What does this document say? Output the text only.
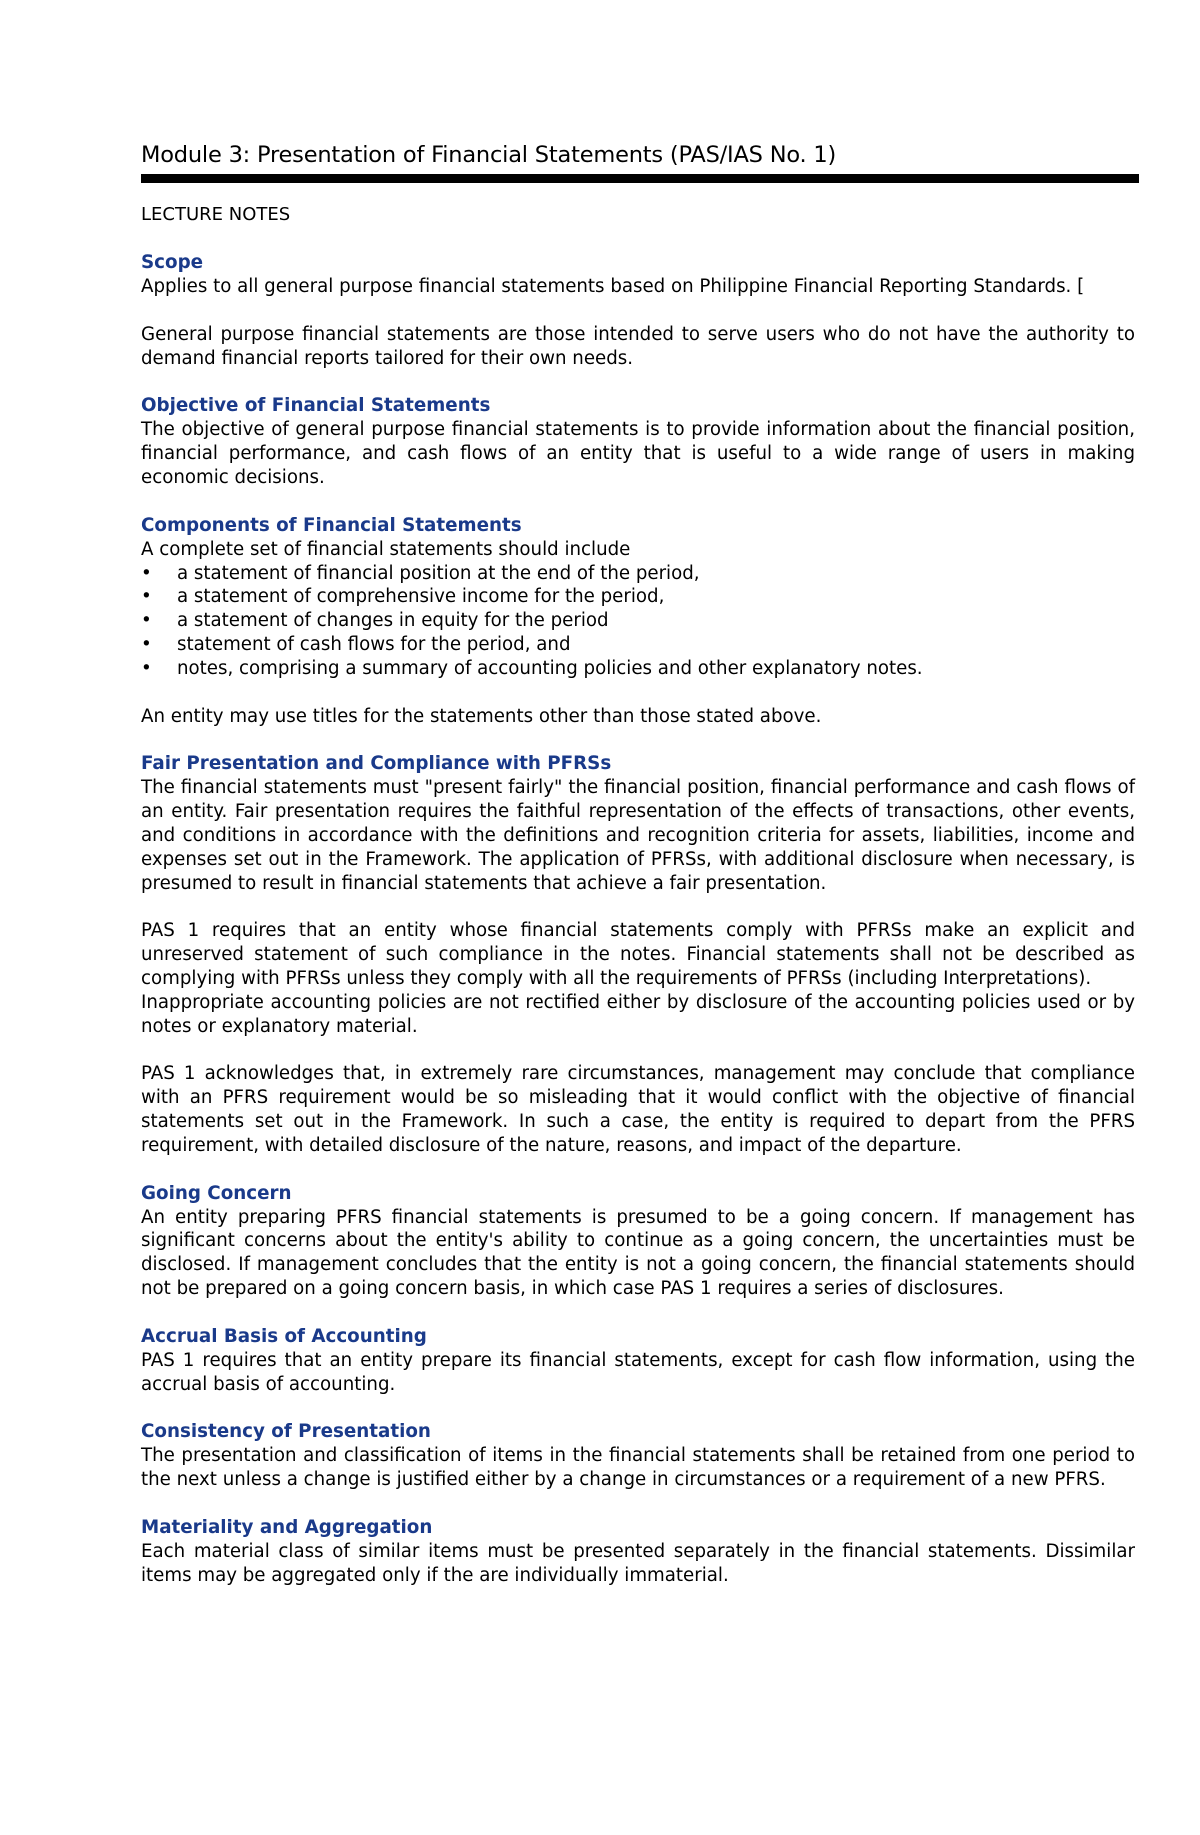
Module 3: Presentation of Financial Statements (PAS/IAS No. 1)
LECTURE NOTES
Scope

Applies to all general purpose financial statements based on Philippine Financial Reporting Standards. [

General purpose financial statements are those intended to serve users who do not have the authority to demand financial reports tailored for their own needs.

Objective of Financial Statements

The objective of general purpose financial statements is to provide information about the financial position, financial performance, and cash flows of an entity that is useful to a wide range of users in making economic decisions.

Components of Financial Statements

A complete set of financial statements should include

• a statement of financial position at the end of the period,
• a statement of comprehensive income for the period,
• a statement of changes in equity for the period
• statement of cash flows for the period, and
• notes, comprising a summary of accounting policies and other explanatory notes.

An entity may use titles for the statements other than those stated above.

Fair Presentation and Compliance with PFRSs

The financial statements must "present fairly" the financial position, financial performance and cash flows of an entity. Fair presentation requires the faithful representation of the effects of transactions, other events, and conditions in accordance with the definitions and recognition criteria for assets, liabilities, income and expenses set out in the Framework. The application of PFRSs, with additional disclosure when necessary, is presumed to result in financial statements that achieve a fair presentation.

PAS 1 requires that an entity whose financial statements comply with PFRSs make an explicit and unreserved statement of such compliance in the notes. Financial statements shall not be described as complying with PFRSs unless they comply with all the requirements of PFRSs (including Interpretations).

Inappropriate accounting policies are not rectified either by disclosure of the accounting policies used or by notes or explanatory material.

PAS 1 acknowledges that, in extremely rare circumstances, management may conclude that compliance with an PFRS requirement would be so misleading that it would conflict with the objective of financial statements set out in the Framework. In such a case, the entity is required to depart from the PFRS requirement, with detailed disclosure of the nature, reasons, and impact of the departure.

Going Concern

An entity preparing PFRS financial statements is presumed to be a going concern. If management has significant concerns about the entity's ability to continue as a going concern, the uncertainties must be disclosed. If management concludes that the entity is not a going concern, the financial statements should not be prepared on a going concern basis, in which case PAS 1 requires a series of disclosures.

Accrual Basis of Accounting

PAS 1 requires that an entity prepare its financial statements, except for cash flow information, using the accrual basis of accounting.

Consistency of Presentation

The presentation and classification of items in the financial statements shall be retained from one period to the next unless a change is justified either by a change in circumstances or a requirement of a new PFRS.

Materiality and Aggregation

Each material class of similar items must be presented separately in the financial statements. Dissimilar items may be aggregated only if the are individually immaterial.
